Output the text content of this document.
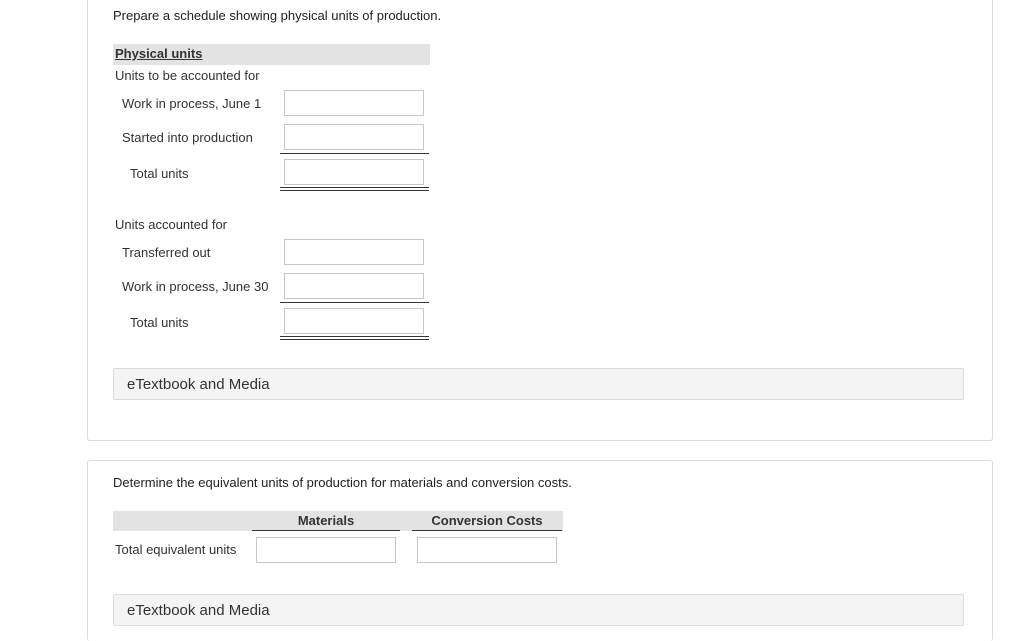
Prepare a schedule showing physical units of production.
Physical units
Units to be accounted for
Work in process, June 1
Started into production
Total units
Units accounted for
Transferred out
Work in process, June 30
Total units
eTextbook and Media
Determine the equivalent units of production for materials and conversion costs.
Materials	Conversion Costs
Total equivalent units
eTextbook and Media
